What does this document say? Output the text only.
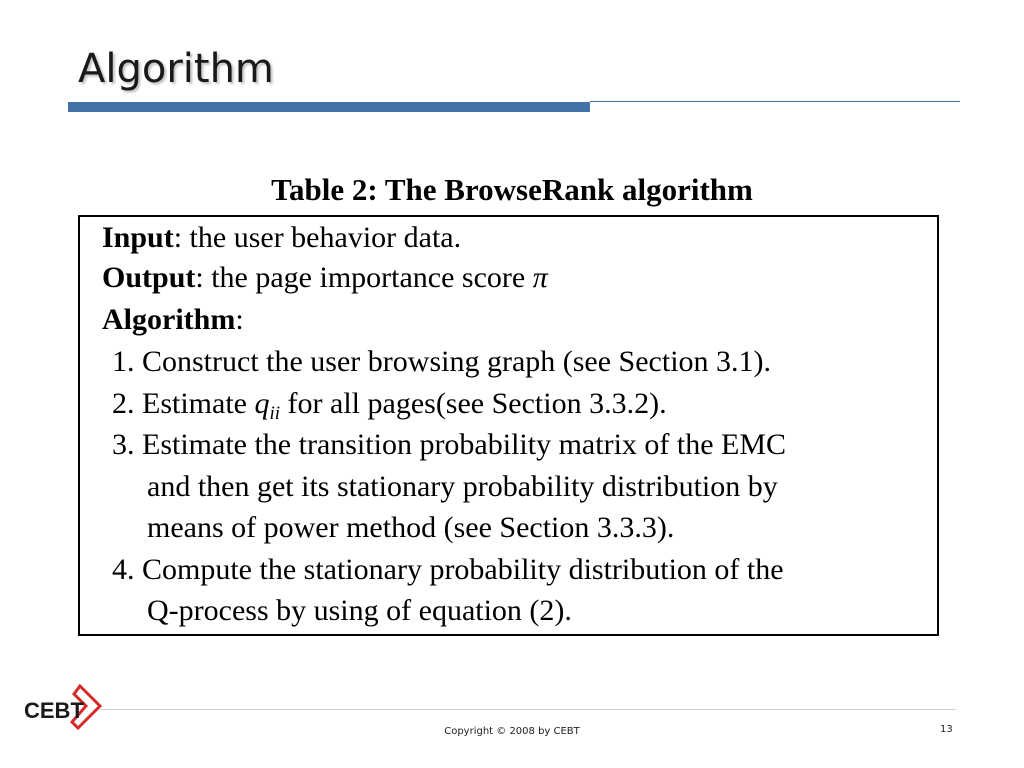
Algorithm
Table 2: The BrowseRank algorithm
Input: the user behavior data.
Output: the page importance score π
Algorithm:
1. Construct the user browsing graph (see Section 3.1).
2. Estimate $q_{ii}$ for all pages(see Section 3.3.2).
3. Estimate the transition probability matrix of the EMC
and then get its stationary probability distribution by
means of power method (see Section 3.3.3).
4. Compute the stationary probability distribution of the
Q-process by using of equation (2).
CEBT
Copyright © 2008 by CEBT	13
